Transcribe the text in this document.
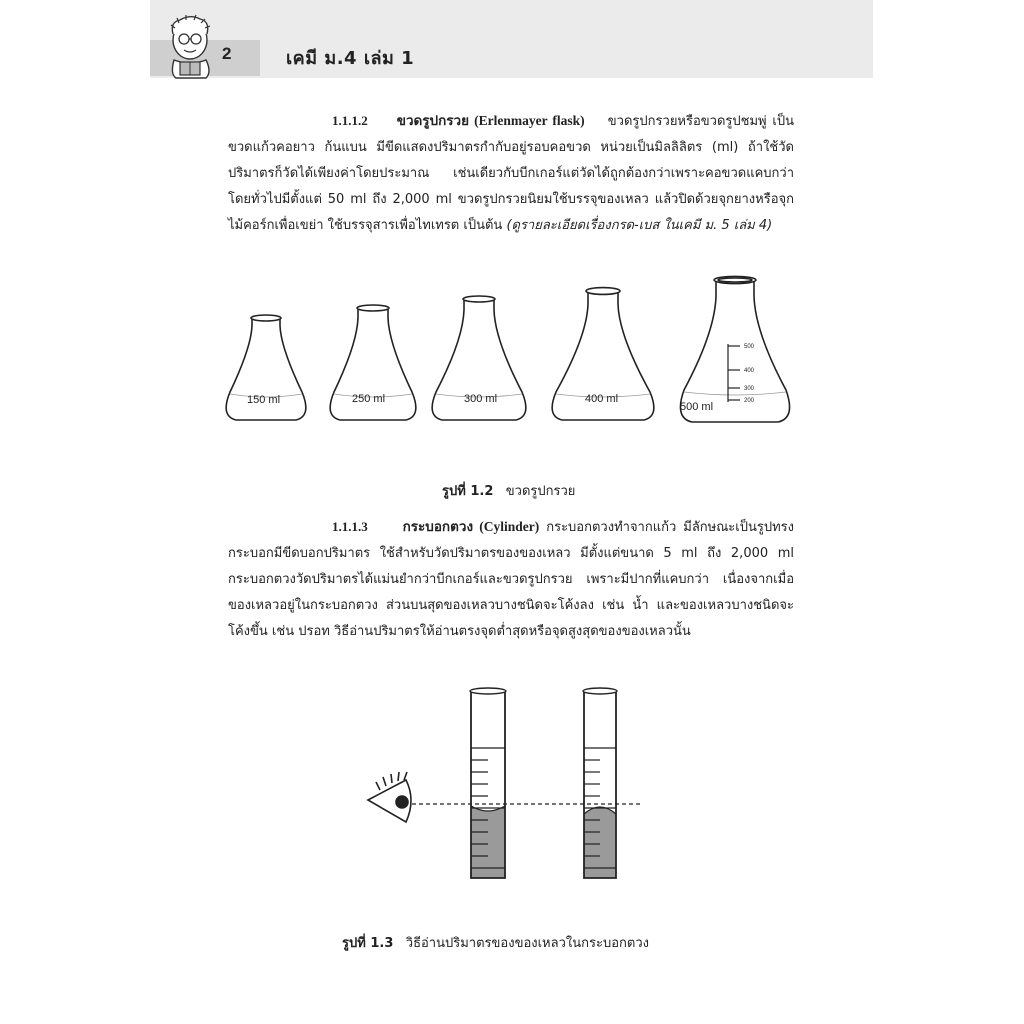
2	เคมี ม.4 เล่ม 1
1.1.1.2 ขวดรูปกรวย (Erlenmayer flask) ขวดรูปกรวยหรือขวดรูปชมพู่ เป็นขวดแก้วคอยาว ก้นแบน มีขีดแสดงปริมาตรกำกับอยู่รอบคอขวด หน่วยเป็นมิลลิลิตร (ml) ถ้าใช้วัดปริมาตรก็วัดได้เพียงค่าโดยประมาณ เช่นเดียวกับบีกเกอร์แต่วัดได้ถูกต้องกว่าเพราะคอขวดแคบกว่า โดยทั่วไปมีตั้งแต่ 50 ml ถึง 2,000 ml ขวดรูปกรวยนิยมใช้บรรจุของเหลว แล้วปิดด้วยจุกยางหรือจุกไม้คอร์กเพื่อเขย่า ใช้บรรจุสารเพื่อไทเทรต เป็นต้น (ดูรายละเอียดเรื่องกรด-เบส ในเคมี ม. 5 เล่ม 4)
150 ml	250 ml	300 ml	400 ml
500 ml
500
400
300
200
รูปที่ 1.2 ขวดรูปกรวย
1.1.1.3	กระบอกตวง (Cylinder) กระบอกตวงทำจากแก้ว มีลักษณะเป็นรูปทรงกระบอกมีขีดบอกปริมาตร ใช้สำหรับวัดปริมาตรของของเหลว มีตั้งแต่ขนาด 5 ml ถึง 2,000 ml กระบอกตวงวัดปริมาตรได้แม่นยำกว่าบีกเกอร์และขวดรูปกรวย เพราะมีปากที่แคบกว่า เนื่องจากเมื่อของเหลวอยู่ในกระบอกตวง ส่วนบนสุดของเหลวบางชนิดจะโค้งลง เช่น น้ำ และของเหลวบางชนิดจะโค้งขึ้น เช่น ปรอท วิธีอ่านปริมาตรให้อ่านตรงจุดต่ำสุดหรือจุดสูงสุดของของเหลวนั้น
รูปที่ 1.3 วิธีอ่านปริมาตรของของเหลวในกระบอกตวง
